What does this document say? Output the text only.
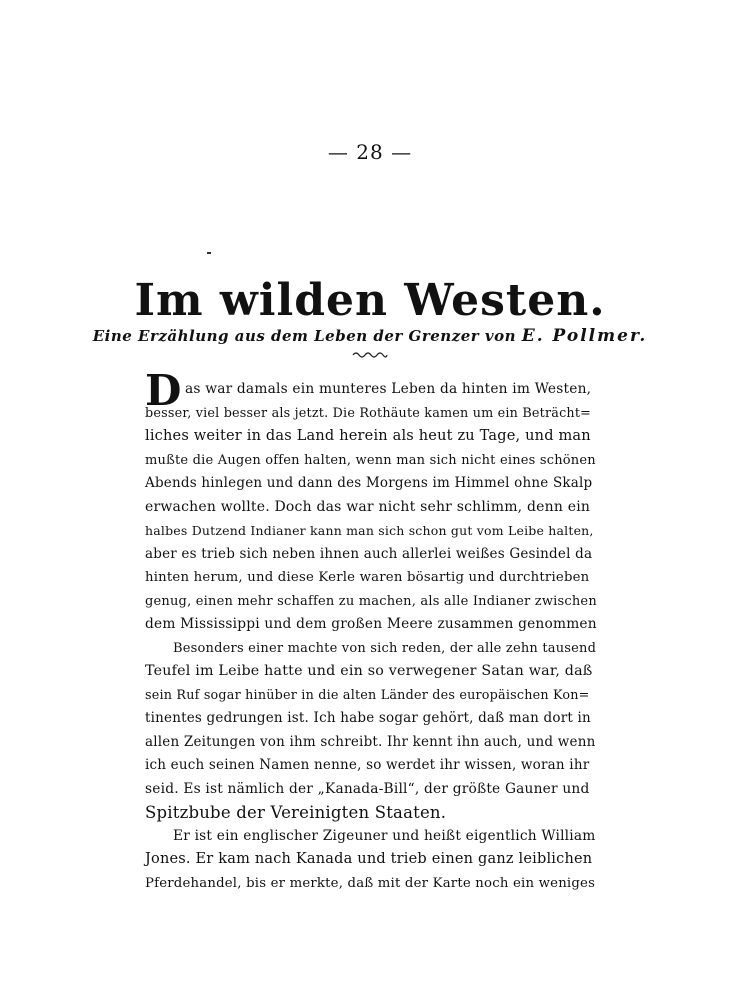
— 28 —
Im wilden Westen.
Eine Erzählung aus dem Leben der Grenzer von E. Pollmer.
D as war damals ein munteres Leben da hinten im Westen,
besser, viel besser als jetzt. Die Rothäute kamen um ein Beträcht=
liches weiter in das Land herein als heut zu Tage, und man
mußte die Augen offen halten, wenn man sich nicht eines schönen
Abends hinlegen und dann des Morgens im Himmel ohne Skalp
erwachen wollte. Doch das war nicht sehr schlimm, denn ein
halbes Dutzend Indianer kann man sich schon gut vom Leibe halten,
aber es trieb sich neben ihnen auch allerlei weißes Gesindel da
hinten herum, und diese Kerle waren bösartig und durchtrieben
genug, einen mehr schaffen zu machen, als alle Indianer zwischen
dem Mississippi und dem großen Meere zusammen genommen
Besonders einer machte von sich reden, der alle zehn tausend
Teufel im Leibe hatte und ein so verwegener Satan war, daß
sein Ruf sogar hinüber in die alten Länder des europäischen Kon=
tinentes gedrungen ist. Ich habe sogar gehört, daß man dort in
allen Zeitungen von ihm schreibt. Ihr kennt ihn auch, und wenn
ich euch seinen Namen nenne, so werdet ihr wissen, woran ihr
seid. Es ist nämlich der „Kanada-Bill“, der größte Gauner und
Spitzbube der Vereinigten Staaten.
Er ist ein englischer Zigeuner und heißt eigentlich William
Jones. Er kam nach Kanada und trieb einen ganz leiblichen
Pferdehandel, bis er merkte, daß mit der Karte noch ein weniges
